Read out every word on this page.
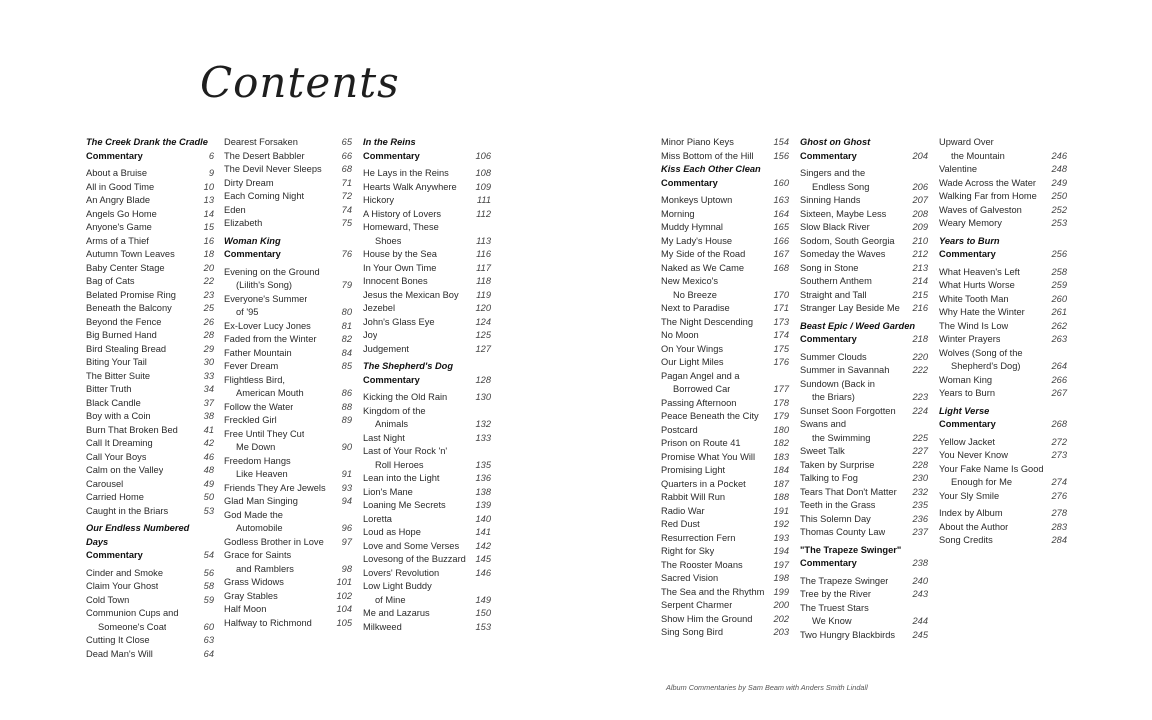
Contents
The Creek Drank the Cradle
Commentary	6
About a Bruise	9
All in Good Time	10
An Angry Blade	13
Angels Go Home	14
Anyone's Game	15
Arms of a Thief	16
Autumn Town Leaves	18
Baby Center Stage	20
Bag of Cats	22
Belated Promise Ring	23
Beneath the Balcony	25
Beyond the Fence	26
Big Burned Hand	28
Bird Stealing Bread	29
Biting Your Tail	30
The Bitter Suite	33
Bitter Truth	34
Black Candle	37
Boy with a Coin	38
Burn That Broken Bed	41
Call It Dreaming	42
Call Your Boys	46
Calm on the Valley	48
Carousel	49
Carried Home	50
Caught in the Briars	53
Our Endless Numbered Days
Commentary	54
Cinder and Smoke	56
Claim Your Ghost	58
Cold Town	59
Communion Cups and
Someone's Coat	60
Cutting It Close	63
Dead Man's Will	64
Dearest Forsaken	65
The Desert Babbler	66
The Devil Never Sleeps	68
Dirty Dream	71
Each Coming Night	72
Eden	74
Elizabeth	75
Woman King
Commentary	76
Evening on the Ground
(Lilith's Song)	79
Everyone's Summer
of '95	80
Ex-Lover Lucy Jones	81
Faded from the Winter	82
Father Mountain	84
Fever Dream	85
Flightless Bird,
American Mouth	86
Follow the Water	88
Freckled Girl	89
Free Until They Cut
Me Down	90
Freedom Hangs
Like Heaven	91
Friends They Are Jewels	93
Glad Man Singing	94
God Made the
Automobile	96
Godless Brother in Love	97
Grace for Saints
and Ramblers	98
Grass Widows	101
Gray Stables	102
Half Moon	104
Halfway to Richmond	105
In the Reins
Commentary	106
He Lays in the Reins	108
Hearts Walk Anywhere	109
Hickory	111
A History of Lovers	112
Homeward, These
Shoes	113
House by the Sea	116
In Your Own Time	117
Innocent Bones	118
Jesus the Mexican Boy	119
Jezebel	120
John's Glass Eye	124
Joy	125
Judgement	127
The Shepherd's Dog
Commentary	128
Kicking the Old Rain	130
Kingdom of the
Animals	132
Last Night	133
Last of Your Rock 'n'
Roll Heroes	135
Lean into the Light	136
Lion's Mane	138
Loaning Me Secrets	139
Loretta	140
Loud as Hope	141
Love and Some Verses	142
Lovesong of the Buzzard	145
Lovers' Revolution	146
Low Light Buddy
of Mine	149
Me and Lazarus	150
Milkweed	153
Minor Piano Keys	154
Miss Bottom of the Hill	156
Kiss Each Other Clean
Commentary	160
Monkeys Uptown	163
Morning	164
Muddy Hymnal	165
My Lady's House	166
My Side of the Road	167
Naked as We Came	168
New Mexico's
No Breeze	170
Next to Paradise	171
The Night Descending	173
No Moon	174
On Your Wings	175
Our Light Miles	176
Pagan Angel and a
Borrowed Car	177
Passing Afternoon	178
Peace Beneath the City	179
Postcard	180
Prison on Route 41	182
Promise What You Will	183
Promising Light	184
Quarters in a Pocket	187
Rabbit Will Run	188
Radio War	191
Red Dust	192
Resurrection Fern	193
Right for Sky	194
The Rooster Moans	197
Sacred Vision	198
The Sea and the Rhythm 199
Serpent Charmer	200
Show Him the Ground	202
Sing Song Bird	203
Ghost on Ghost
Commentary	204
Singers and the
Endless Song	206
Sinning Hands	207
Sixteen, Maybe Less	208
Slow Black River	209
Sodom, South Georgia	210
Someday the Waves	212
Song in Stone	213
Southern Anthem	214
Straight and Tall	215
Stranger Lay Beside Me	216
Beast Epic / Weed Garden
Commentary	218
Summer Clouds	220
Summer in Savannah	222
Sundown (Back in
the Briars)	223
Sunset Soon Forgotten	224
Swans and
the Swimming	225
Sweet Talk	227
Taken by Surprise	228
Talking to Fog	230
Tears That Don't Matter	232
Teeth in the Grass	235
This Solemn Day	236
Thomas County Law	237
"The Trapeze Swinger"
Commentary	238
The Trapeze Swinger	240
Tree by the River	243
The Truest Stars
We Know	244
Two Hungry Blackbirds	245
Upward Over
the Mountain	246
Valentine	248
Wade Across the Water	249
Walking Far from Home	250
Waves of Galveston	252
Weary Memory	253
Years to Burn
Commentary	256
What Heaven's Left	258
What Hurts Worse	259
White Tooth Man	260
Why Hate the Winter	261
The Wind Is Low	262
Winter Prayers	263
Wolves (Song of the
Shepherd's Dog)	264
Woman King	266
Years to Burn	267
Light Verse
Commentary	268
Yellow Jacket	272
You Never Know	273
Your Fake Name Is Good
Enough for Me	274
Your Sly Smile	276
Index by Album	278
About the Author	283
Song Credits	284

Album Commentaries by Sam Beam with Anders Smith Lindall
